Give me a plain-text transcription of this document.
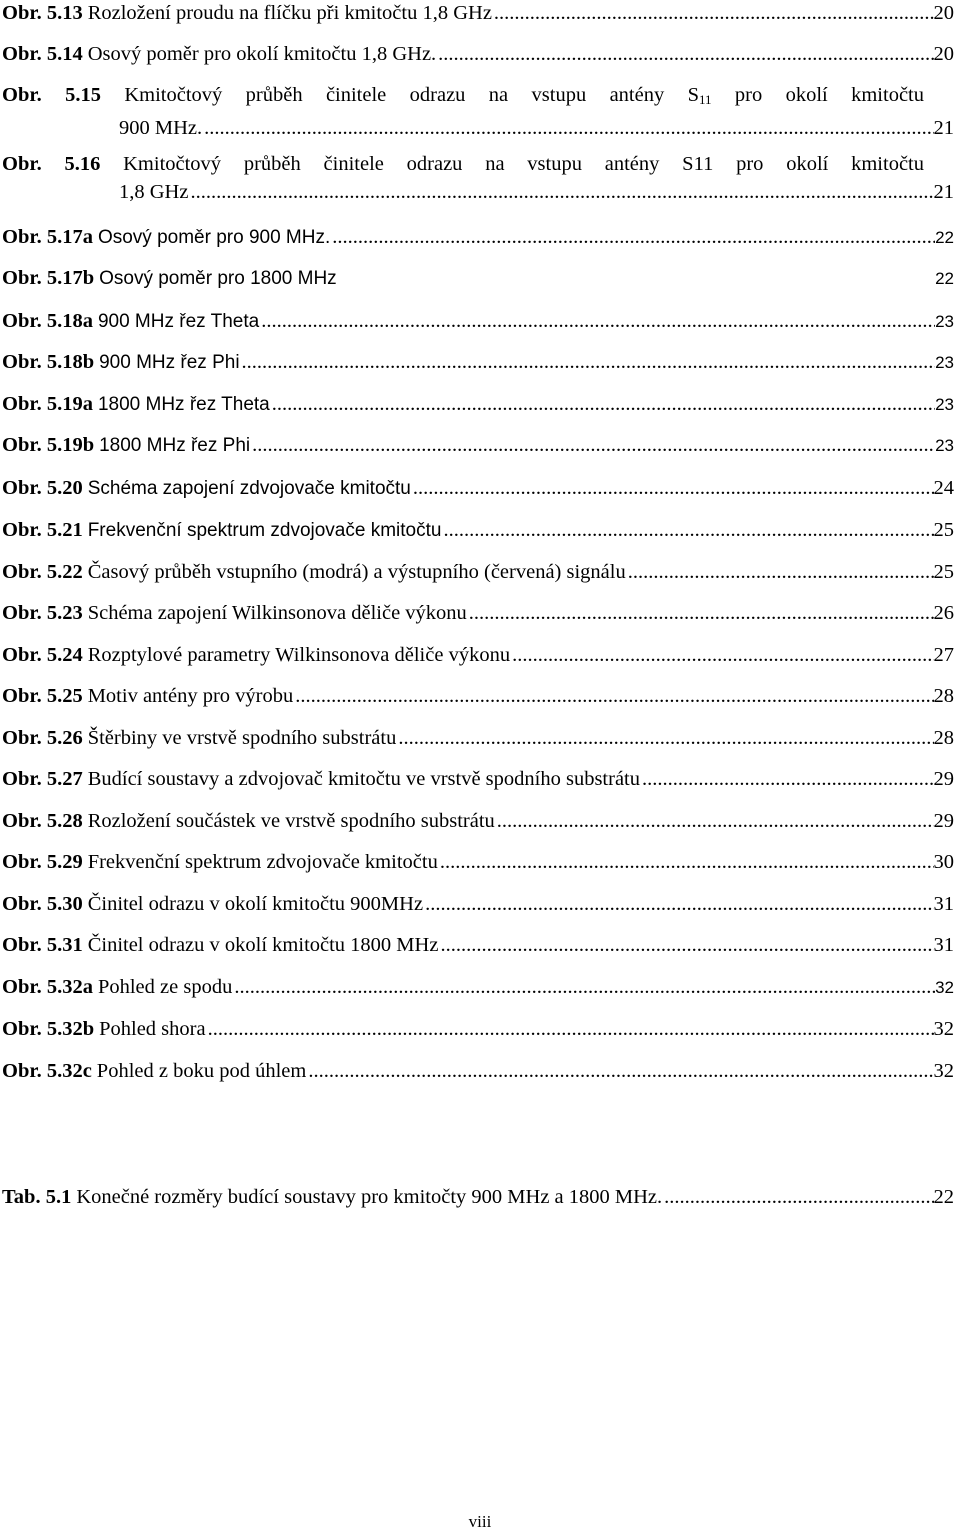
Obr. 5.13 Rozložení proudu na flíčku při kmitočtu 1,8 GHz .....	20
Obr. 5.14 Osový poměr pro okolí kmitočtu 1,8 GHz. .....	20
Obr. 5.15 Kmitočtový průběh činitele odrazu na vstupu antény $S_{11}$ pro okolí kmitočtu
900 MHz. .....	21
Obr. 5.16 Kmitočtový průběh činitele odrazu na vstupu antény S11 pro okolí kmitočtu
1,8 GHz .....	21
Obr. 5.17a Osový poměr pro 900 MHz. .....	22
Obr. 5.17b Osový poměr pro 1800 MHz	22
Obr. 5.18a 900 MHz řez Theta .....	23
Obr. 5.18b 900 MHz řez Phi .....	23
Obr. 5.19a 1800 MHz řez Theta .....	23
Obr. 5.19b 1800 MHz řez Phi .....	23
Obr. 5.20 Schéma zapojení zdvojovače kmitočtu .....	24
Obr. 5.21 Frekvenční spektrum zdvojovače kmitočtu .....	25
Obr. 5.22 Časový průběh vstupního (modrá) a výstupního (červená) signálu .....	25
Obr. 5.23 Schéma zapojení Wilkinsonova děliče výkonu .....	26
Obr. 5.24 Rozptylové parametry Wilkinsonova děliče výkonu .....	27
Obr. 5.25 Motiv antény pro výrobu .....	28
Obr. 5.26 Štěrbiny ve vrstvě spodního substrátu .....	28
Obr. 5.27 Budící soustavy a zdvojovač kmitočtu ve vrstvě spodního substrátu .....	29
Obr. 5.28 Rozložení součástek ve vrstvě spodního substrátu .....	29
Obr. 5.29 Frekvenční spektrum zdvojovače kmitočtu .....	30
Obr. 5.30 Činitel odrazu v okolí kmitočtu 900MHz .....	31
Obr. 5.31 Činitel odrazu v okolí kmitočtu 1800 MHz .....	31
Obr. 5.32a Pohled ze spodu .....	32
Obr. 5.32b Pohled shora .....	32
Obr. 5.32c Pohled z boku pod úhlem .....	32
Tab. 5.1 Konečné rozměry budící soustavy pro kmitočty 900 MHz a 1800 MHz. .....	22
viii
